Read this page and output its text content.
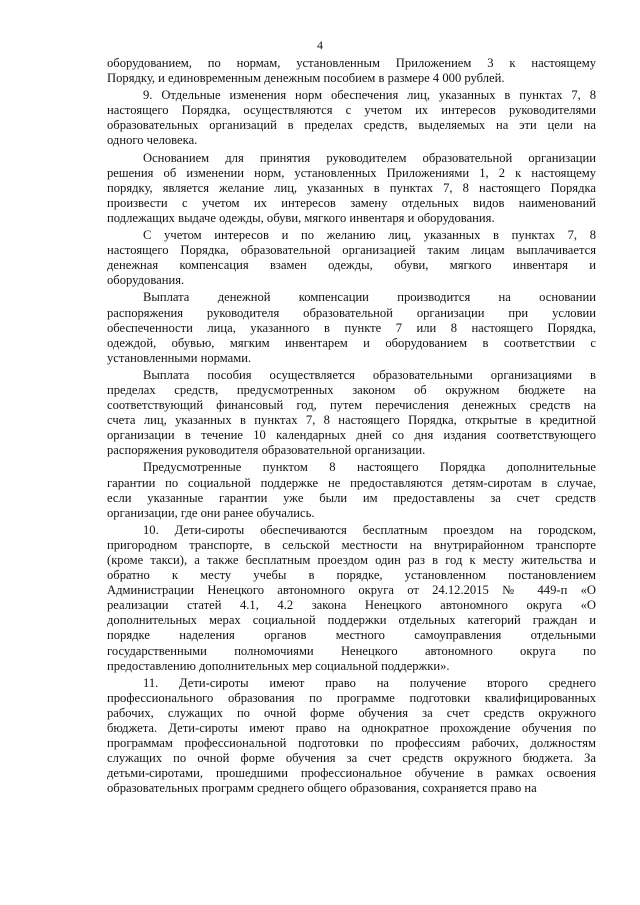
4
оборудованием, по нормам, установленным Приложением 3 к настоящему
Порядку, и единовременным денежным пособием в размере 4 000 рублей.
9. Отдельные изменения норм обеспечения лиц, указанных в пунктах 7, 8
настоящего Порядка, осуществляются с учетом их интересов руководителями
образовательных организаций в пределах средств, выделяемых на эти цели на
одного человека.
Основанием для принятия руководителем образовательной организации
решения об изменении норм, установленных Приложениями 1, 2 к настоящему
порядку, является желание лиц, указанных в пунктах 7, 8 настоящего Порядка
произвести с учетом их интересов замену отдельных видов наименований
подлежащих выдаче одежды, обуви, мягкого инвентаря и оборудования.
С учетом интересов и по желанию лиц, указанных в пунктах 7, 8
настоящего Порядка, образовательной организацией таким лицам выплачивается
денежная компенсация взамен одежды, обуви, мягкого инвентаря и
оборудования.
Выплата денежной компенсации производится на основании
распоряжения руководителя образовательной организации при условии
обеспеченности лица, указанного в пункте 7 или 8 настоящего Порядка,
одеждой, обувью, мягким инвентарем и оборудованием в соответствии с
установленными нормами.
Выплата пособия осуществляется образовательными организациями в
пределах средств, предусмотренных законом об окружном бюджете на
соответствующий финансовый год, путем перечисления денежных средств на
счета лиц, указанных в пунктах 7, 8 настоящего Порядка, открытые в кредитной
организации в течение 10 календарных дней со дня издания соответствующего
распоряжения руководителя образовательной организации.
Предусмотренные пунктом 8 настоящего Порядка дополнительные
гарантии по социальной поддержке не предоставляются детям-сиротам в случае,
если указанные гарантии уже были им предоставлены за счет средств
организации, где они ранее обучались.
10. Дети-сироты обеспечиваются бесплатным проездом на городском,
пригородном транспорте, в сельской местности на внутрирайонном транспорте
(кроме такси), а также бесплатным проездом один раз в год к месту жительства и
обратно к месту учебы в порядке, установленном постановлением
Администрации Ненецкого автономного округа от 24.12.2015 № 449-п «О
реализации статей 4.1, 4.2 закона Ненецкого автономного округа «О
дополнительных мерах социальной поддержки отдельных категорий граждан и
порядке наделения органов местного самоуправления отдельными
государственными полномочиями Ненецкого автономного округа по
предоставлению дополнительных мер социальной поддержки».
11. Дети-сироты имеют право на получение второго среднего
профессионального образования по программе подготовки квалифицированных
рабочих, служащих по очной форме обучения за счет средств окружного
бюджета. Дети-сироты имеют право на однократное прохождение обучения по
программам профессиональной подготовки по профессиям рабочих, должностям
служащих по очной форме обучения за счет средств окружного бюджета. За
детьми-сиротами, прошедшими профессиональное обучение в рамках освоения
образовательных программ среднего общего образования, сохраняется право на
